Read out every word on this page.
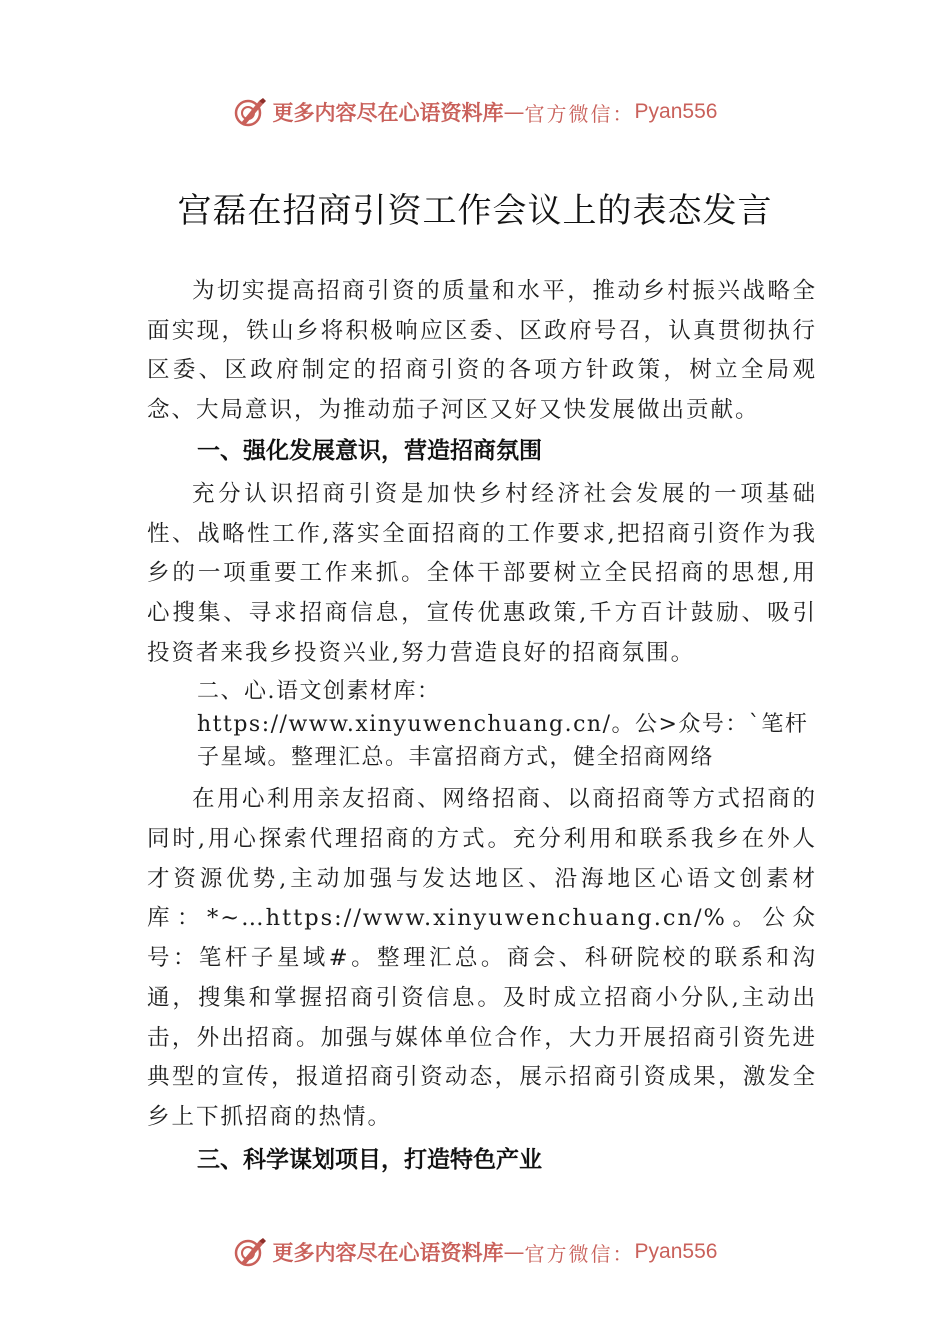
更多内容尽在心语资料库 — 官方微信： Pyan556
宫磊在招商引资工作会议上的表态发言

为切实提高招商引资的质量和水平，推动乡村振兴战略全面实现，铁山乡将积极响应区委、区政府号召，认真贯彻执行区委、区政府制定的招商引资的各项方针政策，树立全局观念、大局意识，为推动茄子河区又好又快发展做出贡献。

一、强化发展意识，营造招商氛围

充分认识招商引资是加快乡村经济社会发展的一项基础性、战略性工作,落实全面招商的工作要求,把招商引资作为我乡的一项重要工作来抓。全体干部要树立全民招商的思想,用心搜集、寻求招商信息，宣传优惠政策,千方百计鼓励、吸引投资者来我乡投资兴业,努力营造良好的招商氛围。

二、心.语文创素材库：https://www.xinyuwenchuang.cn/。公>众号：`笔杆子星域。整理汇总。丰富招商方式，健全招商网络

在用心利用亲友招商、网络招商、以商招商等方式招商的同时,用心探索代理招商的方式。充分利用和联系我乡在外人才资源优势,主动加强与发达地区、沿海地区心语文创素材库：*~…https://www.xinyuwenchuang.cn/%。公众号：笔杆子星域#。整理汇总。商会、科研院校的联系和沟通，搜集和掌握招商引资信息。及时成立招商小分队,主动出击，外出招商。加强与媒体单位合作，大力开展招商引资先进典型的宣传，报道招商引资动态，展示招商引资成果，激发全乡上下抓招商的热情。

三、科学谋划项目，打造特色产业

更多内容尽在心语资料库 — 官方微信： Pyan556
